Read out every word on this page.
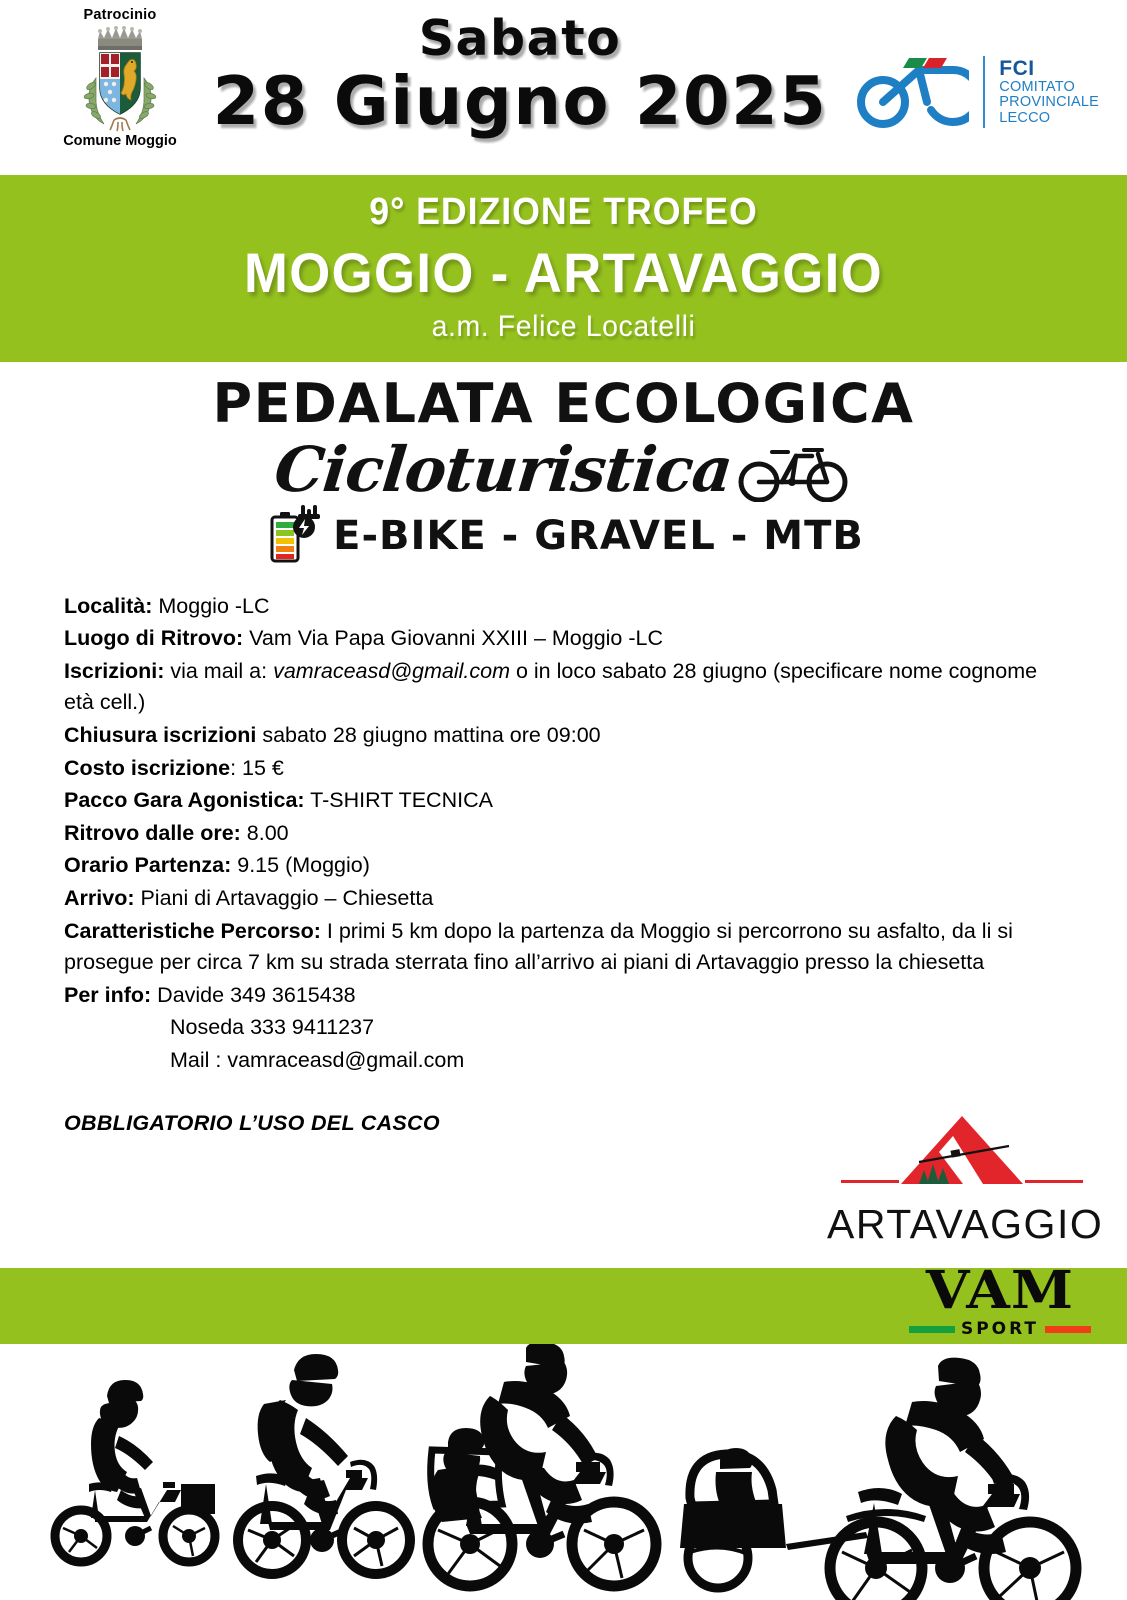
Patrocinio
Comune Moggio
Sabato
28 Giugno 2025	FCI
COMITATO
PROVINCIALE
LECCO
9° EDIZIONE TROFEO
MOGGIO - ARTAVAGGIO
a.m. Felice Locatelli
PEDALATA ECOLOGICA
Cicloturistica
E-BIKE - GRAVEL - MTB

Località: Moggio -LC

Luogo di Ritrovo: Vam Via Papa Giovanni XXIII – Moggio -LC

Iscrizioni: via mail a: vamraceasd@gmail.com o in loco sabato 28 giugno (specificare nome cognome età cell.)

Chiusura iscrizioni sabato 28 giugno mattina ore 09:00

Costo iscrizione: 15 €

Pacco Gara Agonistica: T-SHIRT TECNICA

Ritrovo dalle ore: 8.00

Orario Partenza: 9.15 (Moggio)

Arrivo: Piani di Artavaggio – Chiesetta

Caratteristiche Percorso: I primi 5 km dopo la partenza da Moggio si percorrono su asfalto, da li si prosegue per circa 7 km su strada sterrata fino all’arrivo ai piani di Artavaggio presso la chiesetta

Per info: Davide 349 3615438

Noseda 333 9411237

Mail : vamraceasd@gmail.com

OBBLIGATORIO L’USO DEL CASCO
ARTAVAGGIO
VAM
SPORT
